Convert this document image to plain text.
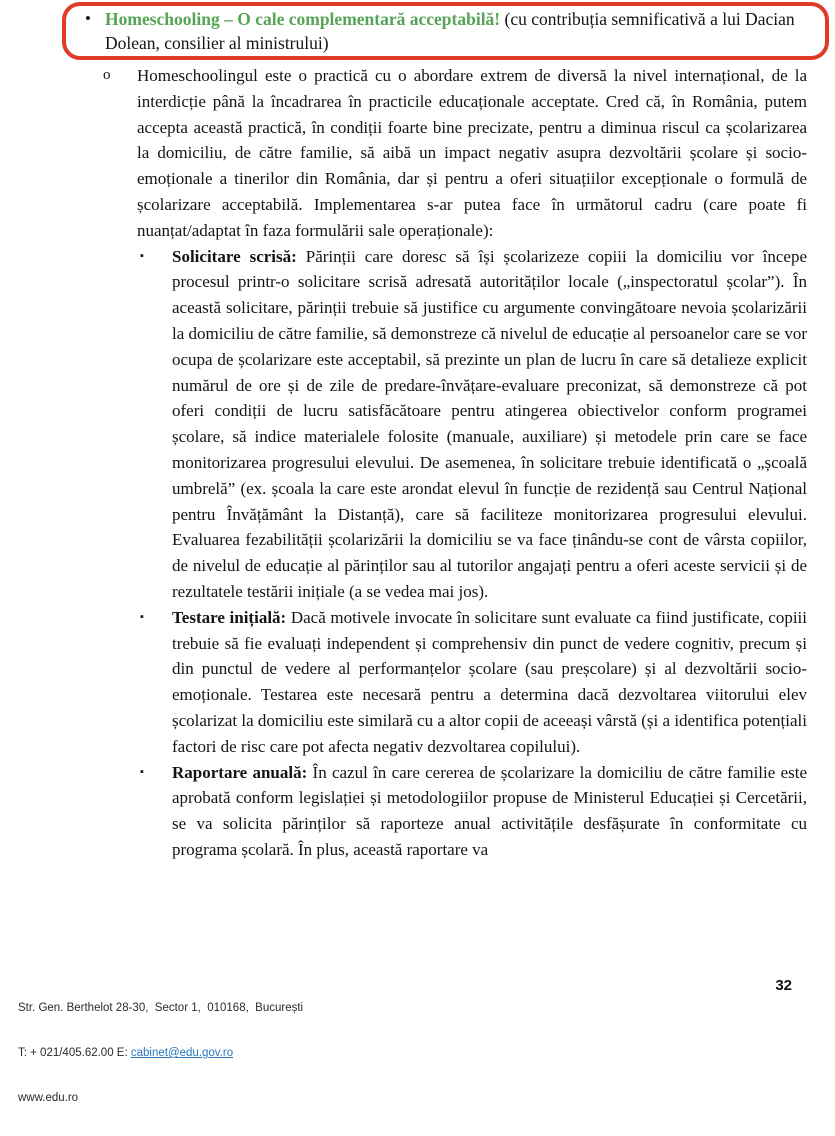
• Homeschooling – O cale complementară acceptabilă! (cu contribuția semnificativă a lui Dacian Dolean, consilier al ministrului)
o	Homeschoolingul este o practică cu o abordare extrem de diversă la nivel internațional, de la interdicție până la încadrarea în practicile educaționale acceptate. Cred că, în România, putem accepta această practică, în condiții foarte bine precizate, pentru a diminua riscul ca școlarizarea la domiciliu, de către familie, să aibă un impact negativ asupra dezvoltării școlare și socio-emoționale a tinerilor din România, dar și pentru a oferi situațiilor excepționale o formulă de școlarizare acceptabilă. Implementarea s-ar putea face în următorul cadru (care poate fi nuanțat/adaptat în faza formulării sale operaționale):
▪	Solicitare scrisă: Părinții care doresc să își școlarizeze copiii la domiciliu vor începe procesul printr-o solicitare scrisă adresată autorităților locale („inspectoratul școlar”). În această solicitare, părinții trebuie să justifice cu argumente convingătoare nevoia școlarizării la domiciliu de către familie, să demonstreze că nivelul de educație al persoanelor care se vor ocupa de școlarizare este acceptabil, să prezinte un plan de lucru în care să detalieze explicit numărul de ore și de zile de predare-învățare-evaluare preconizat, să demonstreze că pot oferi condiții de lucru satisfăcătoare pentru atingerea obiectivelor conform programei școlare, să indice materialele folosite (manuale, auxiliare) și metodele prin care se face monitorizarea progresului elevului. De asemenea, în solicitare trebuie identificată o „școală umbrelă” (ex. școala la care este arondat elevul în funcție de rezidență sau Centrul Național pentru Învățământ la Distanță), care să faciliteze monitorizarea progresului elevului. Evaluarea fezabilității școlarizării la domiciliu se va face ținându-se cont de vârsta copiilor, de nivelul de educație al părinților sau al tutorilor angajați pentru a oferi aceste servicii și de rezultatele testării inițiale (a se vedea mai jos).
▪	Testare inițială: Dacă motivele invocate în solicitare sunt evaluate ca fiind justificate, copiii trebuie să fie evaluați independent și comprehensiv din punct de vedere cognitiv, precum și din punctul de vedere al performanțelor școlare (sau preșcolare) și al dezvoltării socio-emoționale. Testarea este necesară pentru a determina dacă dezvoltarea viitorului elev școlarizat la domiciliu este similară cu a altor copii de aceeași vârstă (și a identifica potențiali factori de risc care pot afecta negativ dezvoltarea copilului).
▪	Raportare anuală: În cazul în care cererea de școlarizare la domiciliu de către familie este aprobată conform legislației și metodologiilor propuse de Ministerul Educației și Cercetării, se va solicita părinților să raporteze anual activitățile desfășurate în conformitate cu programa școlară. În plus, această raportare va

Str. Gen. Berthelot 28-30,  Sector 1,  010168,  București

T: + 021/405.62.00 E: cabinet@edu.gov.ro

www.edu.ro

32
